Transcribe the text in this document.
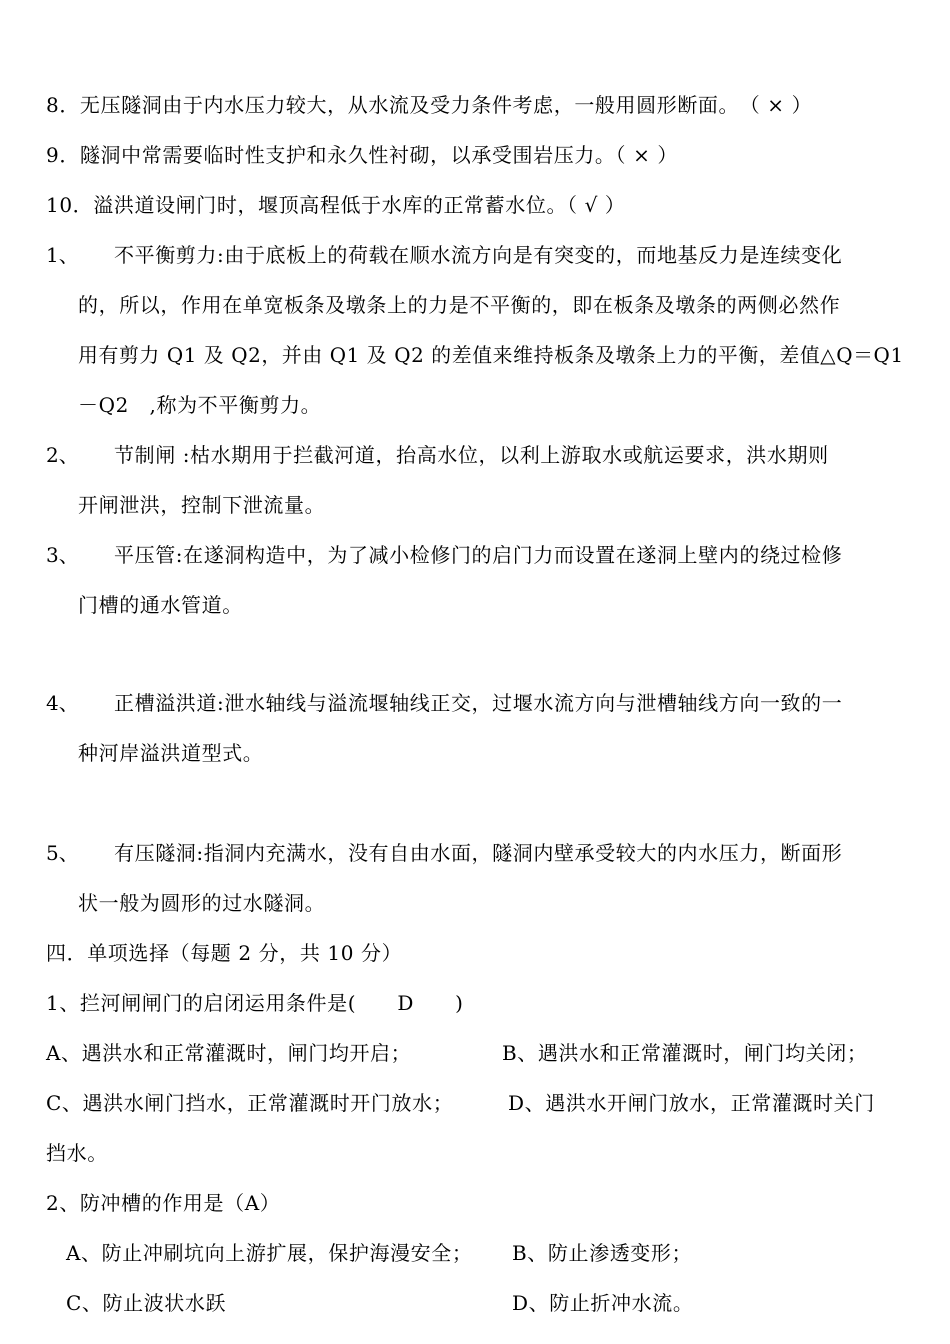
8．无压隧洞由于内水压力较大，从水流及受力条件考虑，一般用圆形断面。　（ × ）
9．隧洞中常需要临时性支护和永久性衬砌，以承受围岩压力。（ × ）
10．溢洪道设闸门时，堰顶高程低于水库的正常蓄水位。（ √ ）
1、 不平衡剪力:由于底板上的荷载在顺水流方向是有突变的，而地基反力是连续变化
的，所以，作用在单宽板条及墩条上的力是不平衡的，即在板条及墩条的两侧必然作
用有剪力 Q1 及 Q2，并由 Q1 及 Q2 的差值来维持板条及墩条上力的平衡，差值△Q＝Q1
－Q2　,称为不平衡剪力。
2、 节制闸 :枯水期用于拦截河道，抬高水位，以利上游取水或航运要求，洪水期则
开闸泄洪，控制下泄流量。
3、 平压管:在遂洞构造中，为了减小检修门的启门力而设置在遂洞上壁内的绕过检修
门槽的通水管道。
4、 正槽溢洪道:泄水轴线与溢流堰轴线正交，过堰水流方向与泄槽轴线方向一致的一
种河岸溢洪道型式。
5、 有压隧洞:指洞内充满水，没有自由水面，隧洞内壁承受较大的内水压力，断面形
状一般为圆形的过水隧洞。
四．单项选择（每题 2 分，共 10 分）
1、拦河闸闸门的启闭运用条件是(　　D　　)
A、遇洪水和正常灌溉时，闸门均开启；	B、遇洪水和正常灌溉时，闸门均关闭；
C、遇洪水闸门挡水，正常灌溉时开门放水；	D、遇洪水开闸门放水，正常灌溉时关门
挡水。
2、防冲槽的作用是（A）
A、防止冲刷坑向上游扩展，保护海漫安全； B、防止渗透变形；
C、防止波状水跃	D、防止折冲水流。
